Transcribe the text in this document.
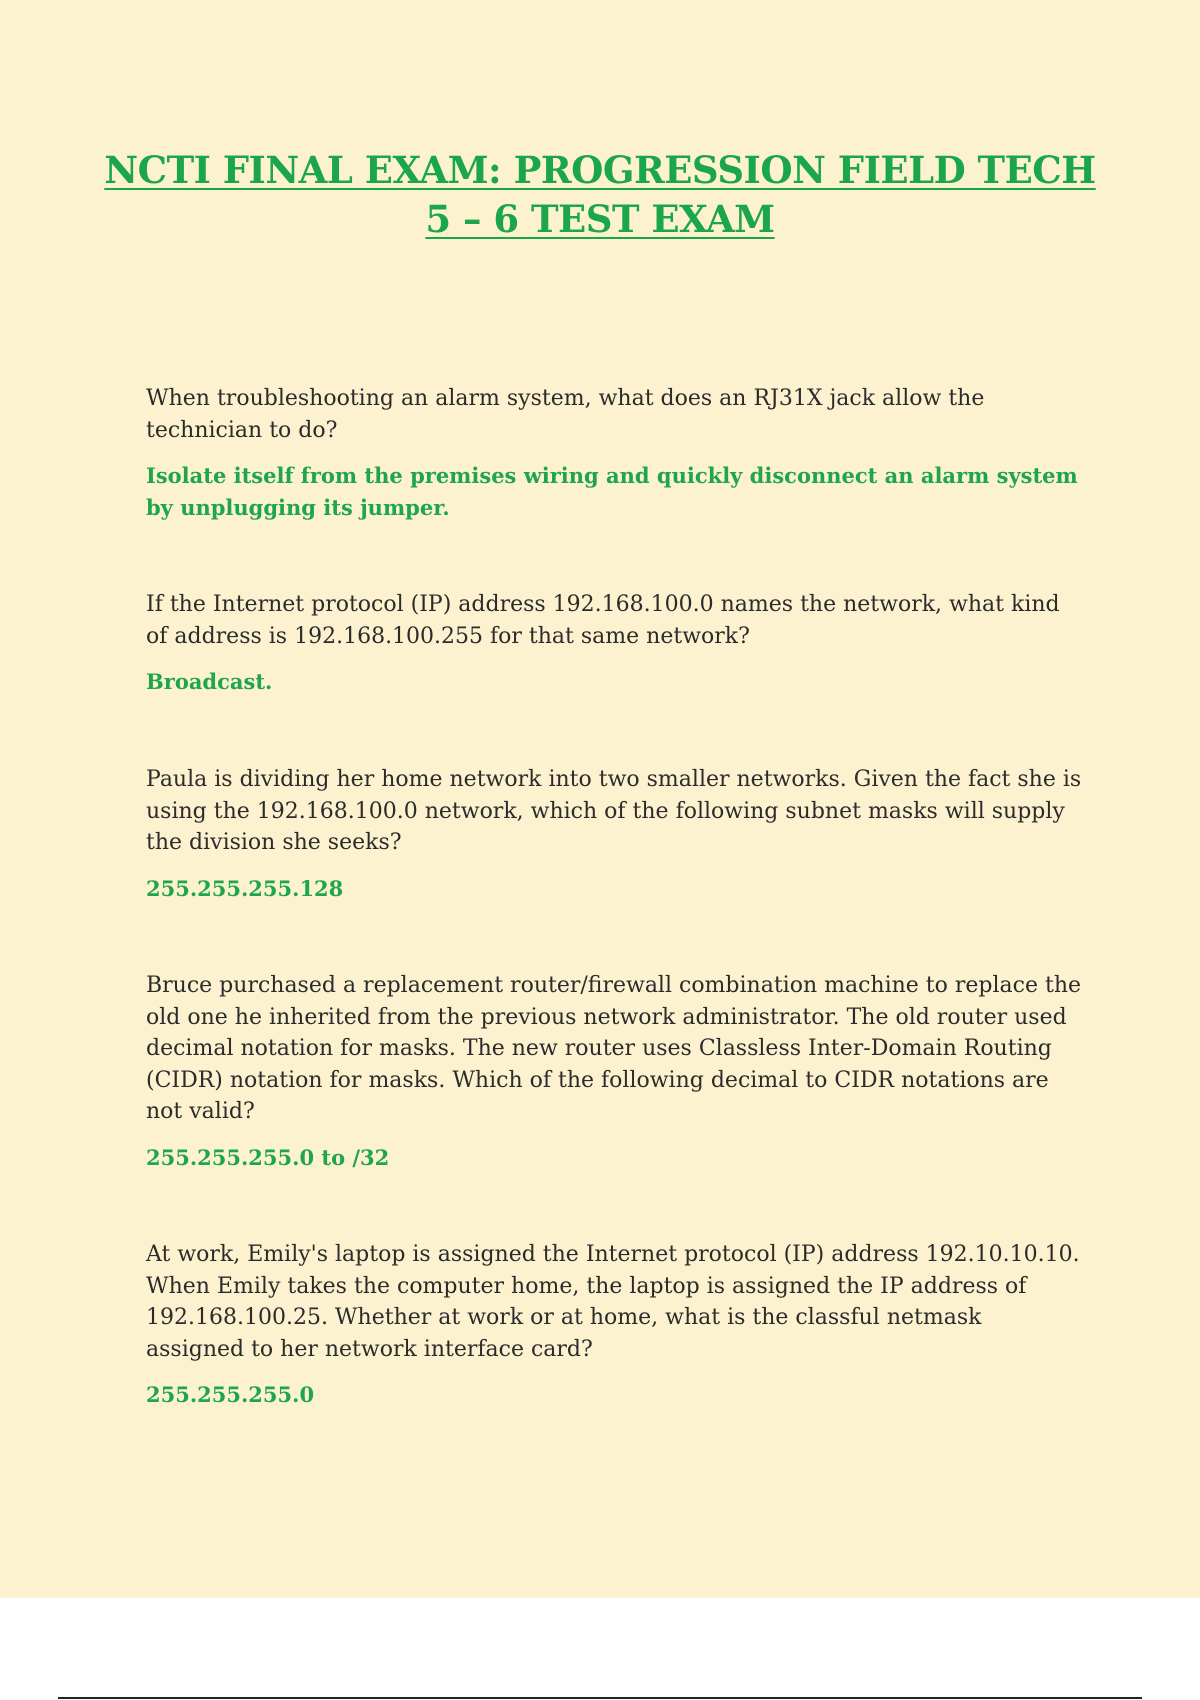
NCTI FINAL EXAM: PROGRESSION FIELD TECH
5 – 6 TEST EXAM

When troubleshooting an alarm system, what does an RJ31X jack allow the technician to do?

Isolate itself from the premises wiring and quickly disconnect an alarm system by unplugging its jumper.

If the Internet protocol (IP) address 192.168.100.0 names the network, what kind of address is 192.168.100.255 for that same network?

Broadcast.

Paula is dividing her home network into two smaller networks. Given the fact she is using the 192.168.100.0 network, which of the following subnet masks will supply the division she seeks?

255.255.255.128

Bruce purchased a replacement router/firewall combination machine to replace the old one he inherited from the previous network administrator. The old router used decimal notation for masks. The new router uses Classless Inter-Domain Routing (CIDR) notation for masks. Which of the following decimal to CIDR notations are not valid?

255.255.255.0 to /32

At work, Emily's laptop is assigned the Internet protocol (IP) address 192.10.10.10. When Emily takes the computer home, the laptop is assigned the IP address of 192.168.100.25. Whether at work or at home, what is the classful netmask assigned to her network interface card?

255.255.255.0
